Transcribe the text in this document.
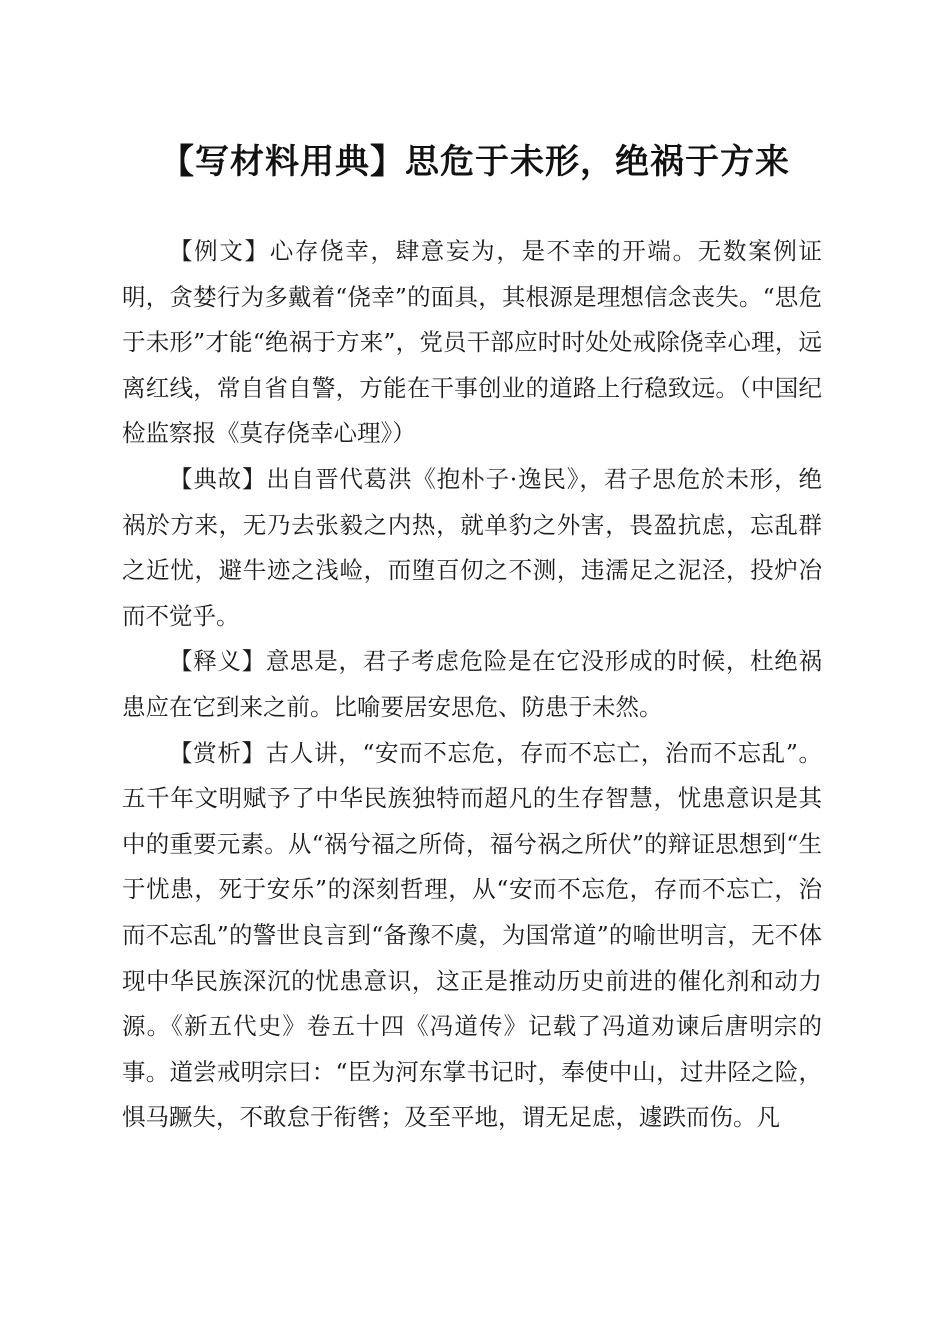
【写材料用典】思危于未形，绝祸于方来

【例文】心存侥幸，肆意妄为，是不幸的开端。无数案例证明，贪婪行为多戴着“侥幸”的面具，其根源是理想信念丧失。“思危于未形”才能“绝祸于方来”，党员干部应时时处处戒除侥幸心理，远离红线，常自省自警，方能在干事创业的道路上行稳致远。（中国纪检监察报《莫存侥幸心理》）

【典故】出自晋代葛洪《抱朴子·逸民》，君子思危於未形，绝祸於方来，无乃去张毅之内热，就单豹之外害，畏盈抗虑，忘乱群之近忧，避牛迹之浅崄，而堕百仞之不测，违濡足之泥泾，投炉冶而不觉乎。

【释义】意思是，君子考虑危险是在它没形成的时候，杜绝祸患应在它到来之前。比喻要居安思危、防患于未然。

【赏析】古人讲，“安而不忘危，存而不忘亡，治而不忘乱”。五千年文明赋予了中华民族独特而超凡的生存智慧，忧患意识是其中的重要元素。从“祸兮福之所倚，福兮祸之所伏”的辩证思想到“生于忧患，死于安乐”的深刻哲理，从“安而不忘危，存而不忘亡，治而不忘乱”的警世良言到“备豫不虞，为国常道”的喻世明言，无不体现中华民族深沉的忧患意识，这正是推动历史前进的催化剂和动力源。《新五代史》卷五十四《冯道传》记载了冯道劝谏后唐明宗的事。道尝戒明宗曰：“臣为河东掌书记时，奉使中山，过井陉之险，惧马蹶失，不敢怠于衔辔；及至平地，谓无足虑，遽跌而伤。凡
